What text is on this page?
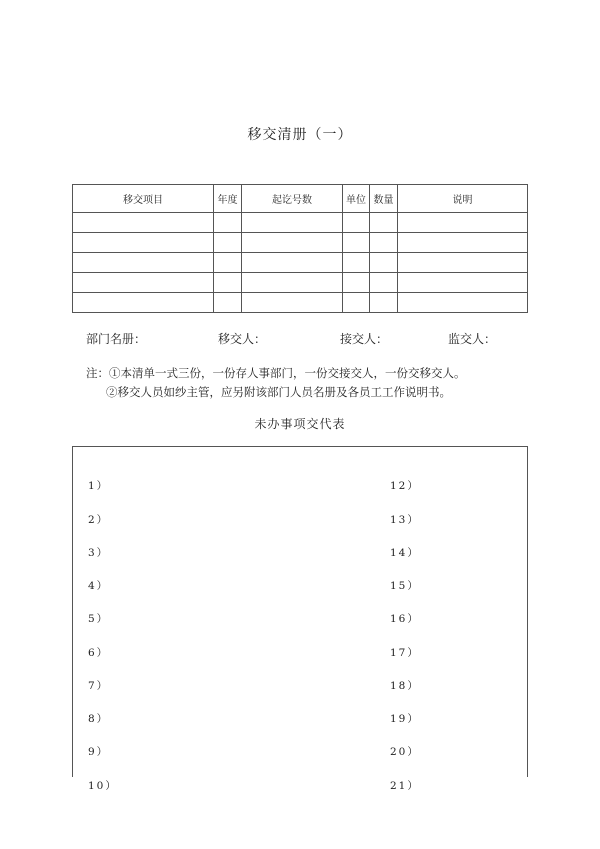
移交清册（一）
移交项目	年度	起讫号数	单位	数量	说明

部门名册：	移交人：	接交人：	监交人：
注：①本清单一式三份，一份存人事部门，一份交接交人，一份交移交人。
②移交人员如纱主管，应另附该部门人员名册及各员工工作说明书。
未办事项交代表
1）
2）
3）
4）
5）
6）
7）
8）
9）
10）
12）
13）
14）
15）
16）
17）
18）
19）
20）
21）
